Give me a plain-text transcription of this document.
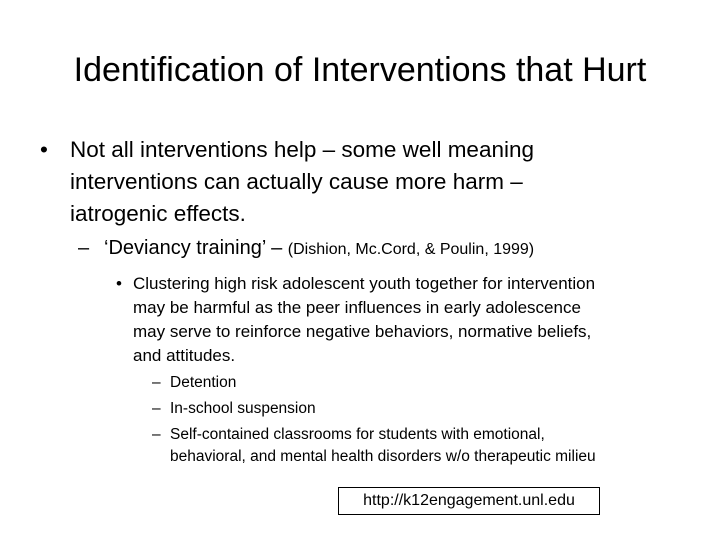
Identification of Interventions that Hurt
• Not all interventions help – some well meaning
interventions can actually cause more harm –
iatrogenic effects.
– ‘Deviancy training’ – (Dishion, Mc.Cord, & Poulin, 1999)
• Clustering high risk adolescent youth together for intervention
may be harmful as the peer influences in early adolescence
may serve to reinforce negative behaviors, normative beliefs,
and attitudes.
– Detention
– In-school suspension
– Self-contained classrooms for students with emotional,
behavioral, and mental health disorders w/o therapeutic milieu
http://k12engagement.unl.edu
